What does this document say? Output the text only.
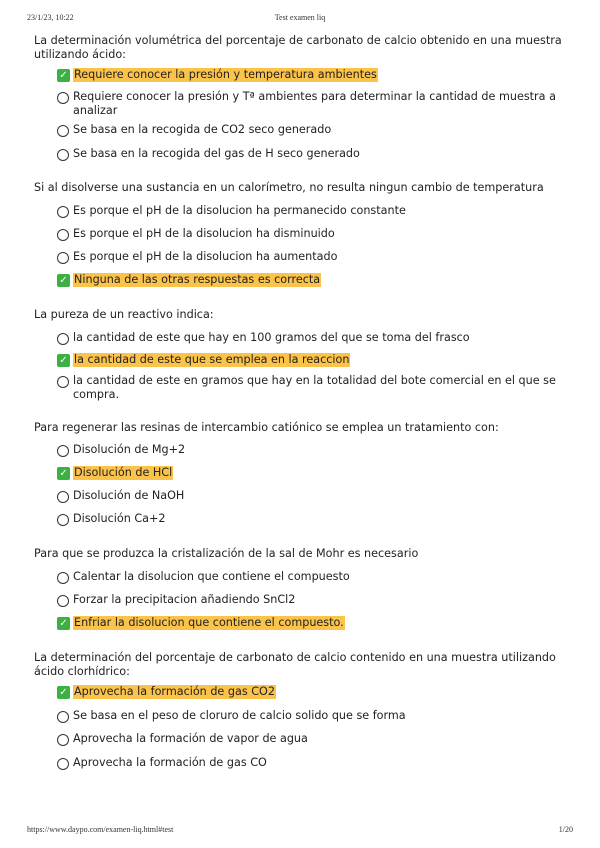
23/1/23, 10:22	Test examen liq
La determinación volumétrica del porcentaje de carbonato de calcio obtenido en una muestra utilizando ácido:
✓ Requiere conocer la presión y temperatura ambientes
Requiere conocer la presión y Tª ambientes para determinar la cantidad de muestra a analizar
Se basa en la recogida de CO2 seco generado
Se basa en la recogida del gas de H seco generado
Si al disolverse una sustancia en un calorímetro, no resulta ningun cambio de temperatura
Es porque el pH de la disolucion ha permanecido constante
Es porque el pH de la disolucion ha disminuido
Es porque el pH de la disolucion ha aumentado
✓ Ninguna de las otras respuestas es correcta
La pureza de un reactivo indica:
la cantidad de este que hay en 100 gramos del que se toma del frasco
✓ la cantidad de este que se emplea en la reaccion
la cantidad de este en gramos que hay en la totalidad del bote comercial en el que se compra.
Para regenerar las resinas de intercambio catiónico se emplea un tratamiento con:
Disolución de Mg+2
✓ Disolución de HCl
Disolución de NaOH
Disolución Ca+2
Para que se produzca la cristalización de la sal de Mohr es necesario
Calentar la disolucion que contiene el compuesto
Forzar la precipitacion añadiendo SnCl2
✓ Enfriar la disolucion que contiene el compuesto.
La determinación del porcentaje de carbonato de calcio contenido en una muestra utilizando ácido clorhídrico:
✓ Aprovecha la formación de gas CO2
Se basa en el peso de cloruro de calcio solido que se forma
Aprovecha la formación de vapor de agua
Aprovecha la formación de gas CO
https://www.daypo.com/examen-liq.html#test	1/20
